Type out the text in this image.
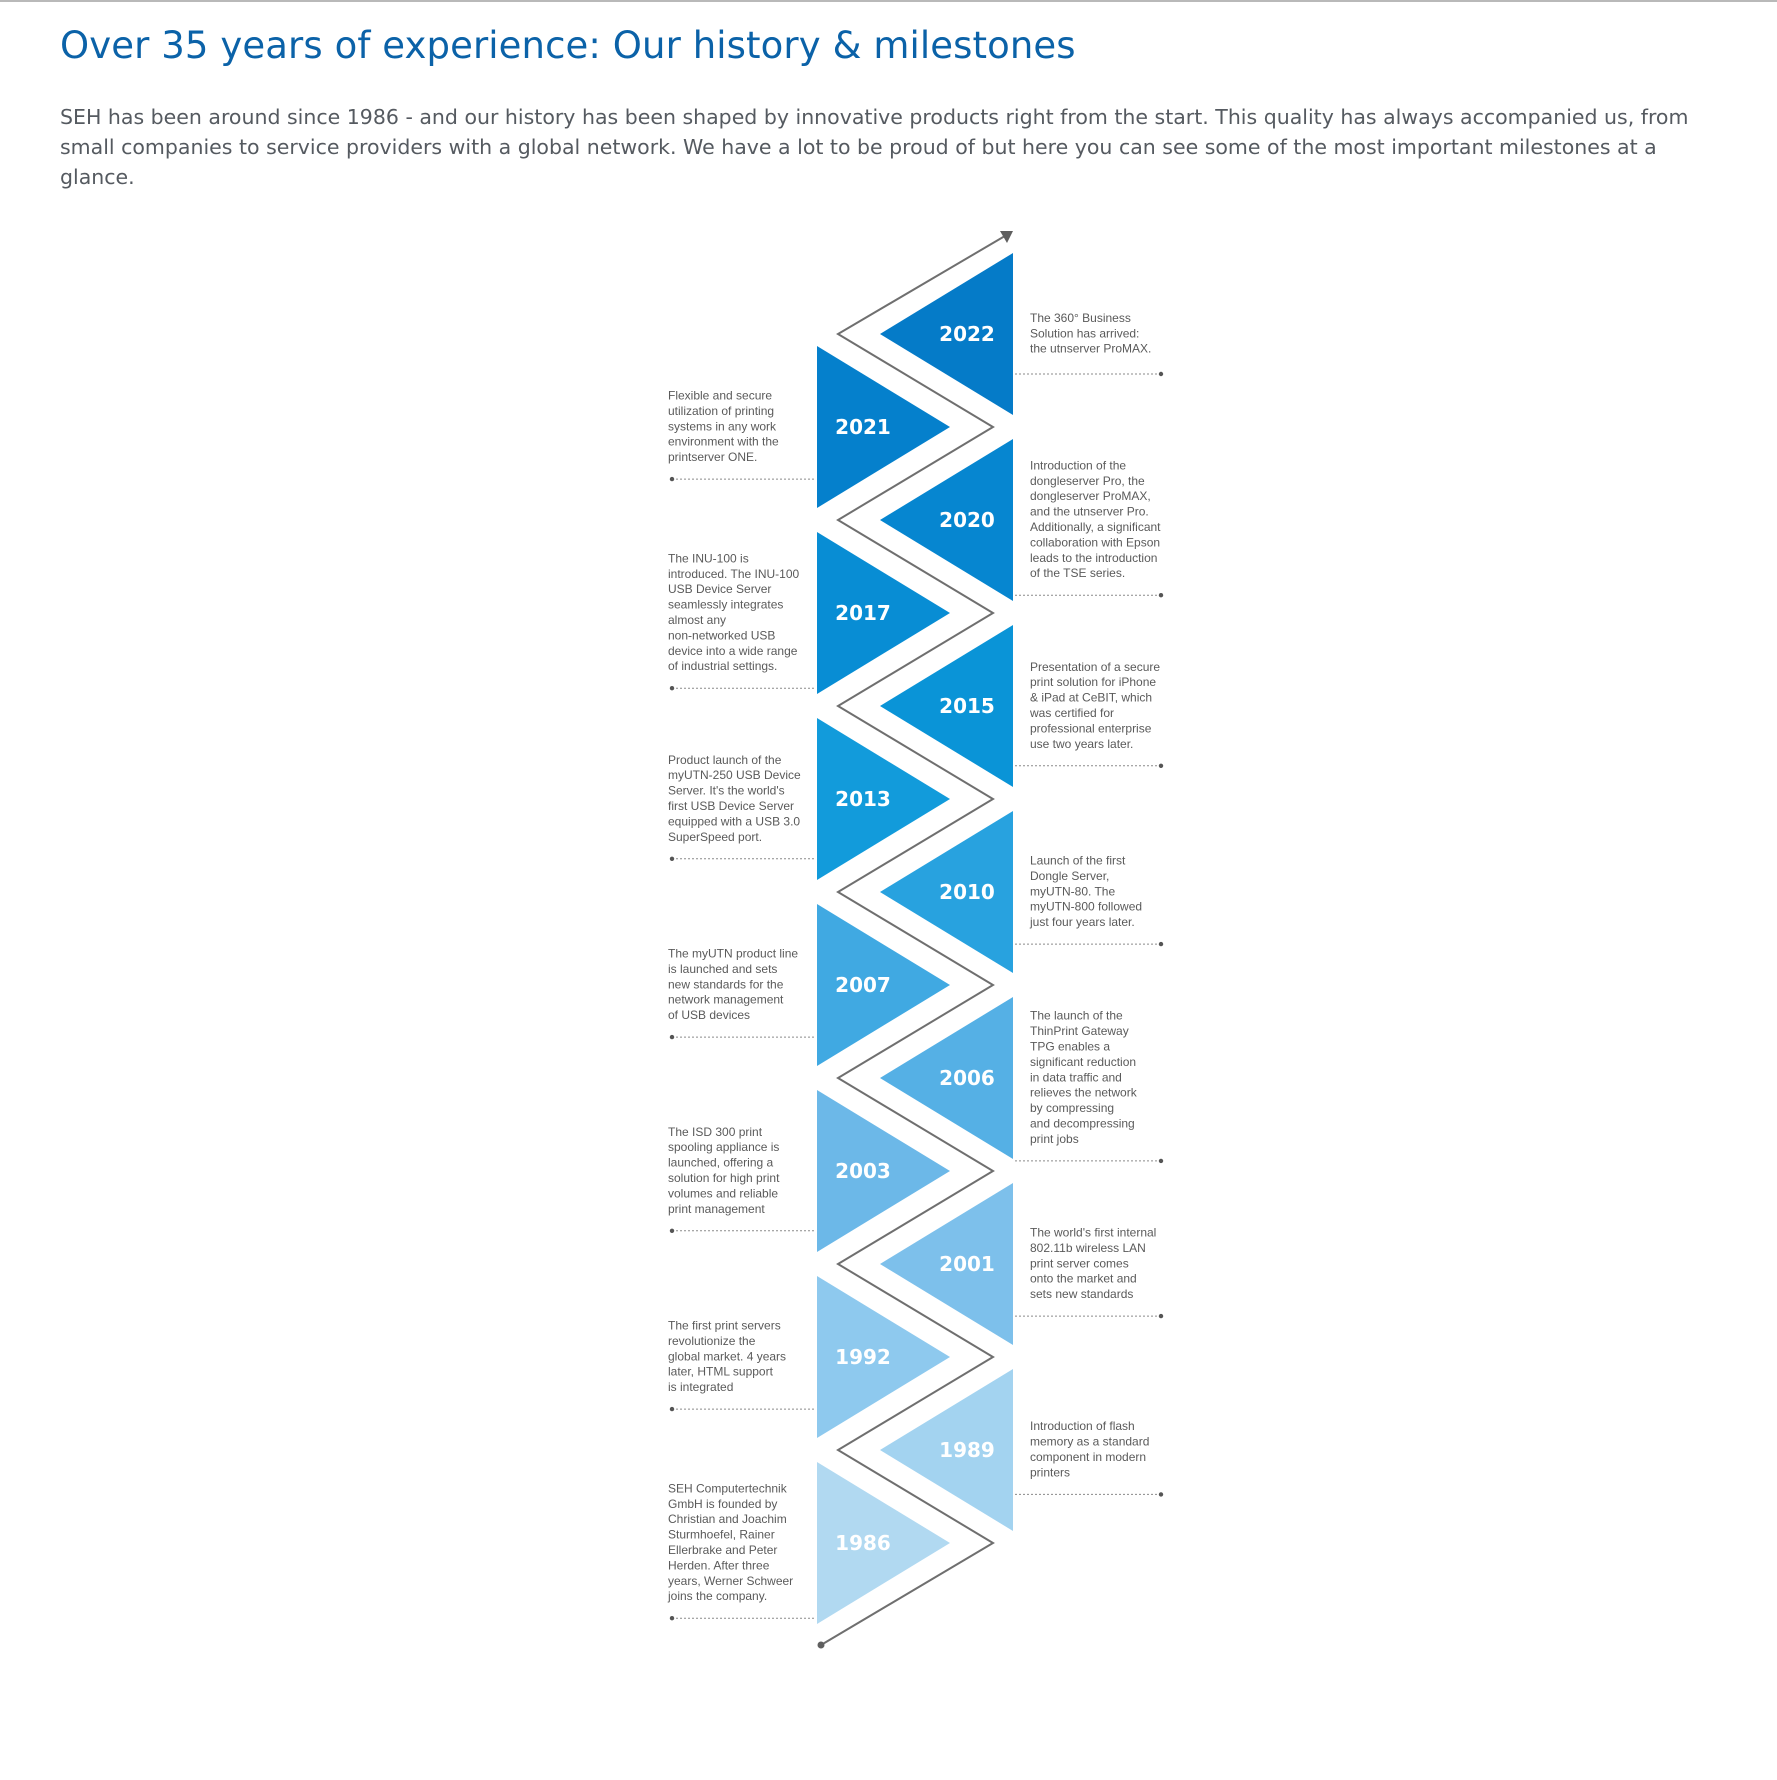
Over 35 years of experience: Our history & milestones

SEH has been around since 1986 - and our history has been shaped by innovative products right from the start. This quality has always accompanied us, from small companies to service providers with a global network. We have a lot to be proud of but here you can see some of the most important milestones at a glance.

1986
SEH Computertechnik GmbH is founded by Christian and Joachim Sturmhoefel, Rainer Ellerbrake and Peter Herden. After three years, Werner Schweer joins the company.
1989
Introduction of flash memory as a standard component in modern printers
1992
The first print servers revolutionize the global market. 4 years later, HTML support is integrated
2001
The world's first internal 802.11b wireless LAN print server comes onto the market and sets new standards
2003
The ISD 300 print spooling appliance is launched, offering a solution for high print volumes and reliable print management
2006
The launch of the ThinPrint Gateway TPG enables a significant reduction in data traffic and relieves the network by compressing and decompressing print jobs
2007
The myUTN product line is launched and sets new standards for the network management of USB devices
2010
Launch of the first Dongle Server, myUTN-80. The myUTN-800 followed just four years later.
2013
Product launch of the myUTN-250 USB Device Server. It's the world's first USB Device Server equipped with a USB 3.0 SuperSpeed port.
2015
Presentation of a secure print solution for iPhone & iPad at CeBIT, which was certified for professional enterprise use two years later.
2017
The INU-100 is introduced. The INU-100 USB Device Server seamlessly integrates almost any non-networked USB device into a wide range of industrial settings.
2020
Introduction of the dongleserver Pro, the dongleserver ProMAX, and the utnserver Pro. Additionally, a significant collaboration with Epson leads to the introduction of the TSE series.
2021
Flexible and secure utilization of printing systems in any work environment with the printserver ONE.
2022
The 360° Business Solution has arrived: the utnserver ProMAX.
